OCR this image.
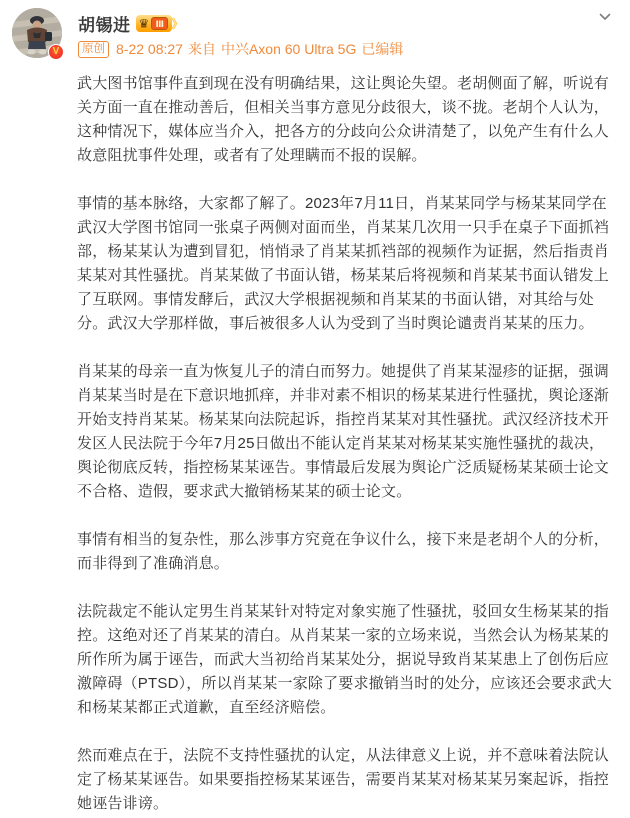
V
胡锡进 ♛ Ⅲ 》
原创 8-22 08:27 来自 中兴Axon 60 Ultra 5G 已编辑

武大图书馆事件直到现在没有明确结果，这让舆论失望。老胡侧面了解，听说有关方面一直在推动善后，但相关当事方意见分歧很大，谈不拢。老胡个人认为，这种情况下，媒体应当介入，把各方的分歧向公众讲清楚了，以免产生有什么人故意阻扰事件处理，或者有了处理瞒而不报的误解。

事情的基本脉络，大家都了解了。2023年7月11日，肖某某同学与杨某某同学在武汉大学图书馆同一张桌子两侧对面而坐，肖某某几次用一只手在桌子下面抓裆部，杨某某认为遭到冒犯，悄悄录了肖某某抓裆部的视频作为证据，然后指责肖某某对其性骚扰。肖某某做了书面认错，杨某某后将视频和肖某某书面认错发上了互联网。事情发酵后，武汉大学根据视频和肖某某的书面认错，对其给与处分。武汉大学那样做，事后被很多人认为受到了当时舆论谴责肖某某的压力。

肖某某的母亲一直为恢复儿子的清白而努力。她提供了肖某某湿疹的证据，强调肖某某当时是在下意识地抓痒，并非对素不相识的杨某某进行性骚扰，舆论逐渐开始支持肖某某。杨某某向法院起诉，指控肖某某对其性骚扰。武汉经济技术开发区人民法院于今年7月25日做出不能认定肖某某对杨某某实施性骚扰的裁决，舆论彻底反转，指控杨某某诬告。事情最后发展为舆论广泛质疑杨某某硕士论文不合格、造假，要求武大撤销杨某某的硕士论文。

事情有相当的复杂性，那么涉事方究竟在争议什么，接下来是老胡个人的分析，而非得到了准确消息。

法院裁定不能认定男生肖某某针对特定对象实施了性骚扰，驳回女生杨某某的指控。这绝对还了肖某某的清白。从肖某某一家的立场来说，当然会认为杨某某的所作所为属于诬告，而武大当初给肖某某处分，据说导致肖某某患上了创伤后应激障碍（PTSD），所以肖某某一家除了要求撤销当时的处分，应该还会要求武大和杨某某都正式道歉，直至经济赔偿。

然而难点在于，法院不支持性骚扰的认定，从法律意义上说，并不意味着法院认定了杨某某诬告。如果要指控杨某某诬告，需要肖某某对杨某某另案起诉，指控她诬告诽谤。
